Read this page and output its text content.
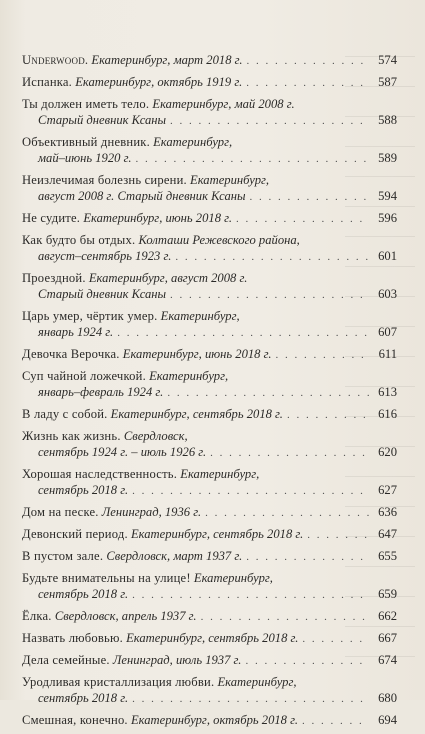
Underwood. Екатеринбург, март 2018 г. . . .	574
Испанка. Екатеринбург, октябрь 1919 г. . . .	587
Ты должен иметь тело. Екатеринбург, май 2008 г.
Старый дневник Ксаны . . .	588
Объективный дневник. Екатеринбург,
май–июнь 1920 г. . . .	589
Неизлечимая болезнь сирени. Екатеринбург,
август 2008 г. Старый дневник Ксаны . . .	594
Не судите. Екатеринбург, июнь 2018 г. . . .	596
Как будто бы отдых. Колташи Режевского района,
август–сентябрь 1923 г. . . .	601
Проездной. Екатеринбург, август 2008 г.
Старый дневник Ксаны . . .	603
Царь умер, чёртик умер. Екатеринбург,
январь 1924 г. . . .	607
Девочка Верочка. Екатеринбург, июнь 2018 г. . . .	611
Суп чайной ложечкой. Екатеринбург,
январь–февраль 1924 г. . . .	613
В ладу с собой. Екатеринбург, сентябрь 2018 г. . . .	616
Жизнь как жизнь. Свердловск,
сентябрь 1924 г. – июль 1926 г. . . .	620
Хорошая наследственность. Екатеринбург,
сентябрь 2018 г. . . .	627
Дом на песке. Ленинград, 1936 г. . . .	636
Девонский период. Екатеринбург, сентябрь 2018 г. . . .	647
В пустом зале. Свердловск, март 1937 г. . . .	655
Будьте внимательны на улице! Екатеринбург,
сентябрь 2018 г. . . .	659
Ёлка. Свердловск, апрель 1937 г. . . .	662
Назвать любовью. Екатеринбург, сентябрь 2018 г. . . .	667
Дела семейные. Ленинград, июль 1937 г. . . .	674
Уродливая кристаллизация любви. Екатеринбург,
сентябрь 2018 г. . . .	680
Смешная, конечно. Екатеринбург, октябрь 2018 г. . . .	694
